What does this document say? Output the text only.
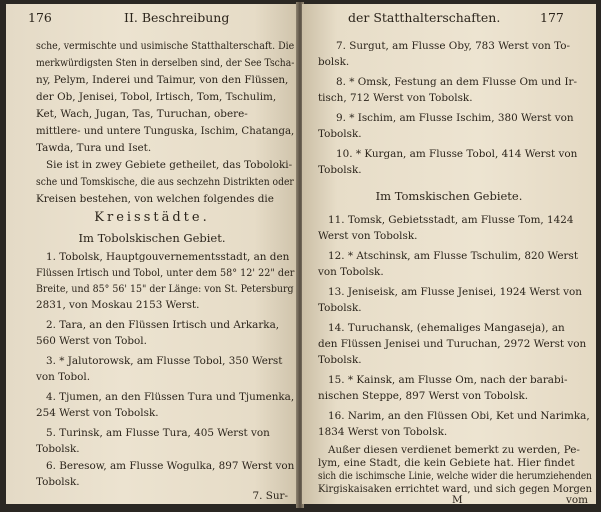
176	II. Beschreibung
sche, vermischte und usimische Statthalterschaft. Die
merkwürdigsten Sten in derselben sind, der See Tscha-
ny, Pelym, Inderei und Taimur, von den Flüssen,
der Ob, Jenisei, Tobol, Irtisch, Tom, Tschulim,
Ket, Wach, Jugan, Tas, Turuchan, obere-
mittlere- und untere Tunguska, Ischim, Chatanga,
Tawda, Tura und Iset.
Sie ist in zwey Gebiete getheilet, das Toboloki-
sche und Tomskische, die aus sechzehn Distrikten oder
Kreisen bestehen, von welchen folgendes die
Kreisstädte.
Im Tobolskischen Gebiet.
1. Tobolsk, Hauptgouvernementsstadt, an den
Flüssen Irtisch und Tobol, unter dem 58° 12' 22" der
Breite, und 85° 56' 15" der Länge: von St. Petersburg
2831, von Moskau 2153 Werst.
2. Tara, an den Flüssen Irtisch und Arkarka,
560 Werst von Tobol.
3. * Jalutorowsk, am Flusse Tobol, 350 Werst
von Tobol.
4. Tjumen, an den Flüssen Tura und Tjumenka,
254 Werst von Tobolsk.
5. Turinsk, am Flusse Tura, 405 Werst von
Tobolsk.
6. Beresow, am Flusse Wogulka, 897 Werst von
Tobolsk.
7. Sur-
der Statthalterschaften.	177
7. Surgut, am Flusse Oby, 783 Werst von To-
bolsk.
8. * Omsk, Festung an dem Flusse Om und Ir-
tisch, 712 Werst von Tobolsk.
9. * Ischim, am Flusse Ischim, 380 Werst von
Tobolsk.
10. * Kurgan, am Flusse Tobol, 414 Werst von
Tobolsk.
Im Tomskischen Gebiete.
11. Tomsk, Gebietsstadt, am Flusse Tom, 1424
Werst von Tobolsk.
12. * Atschinsk, am Flusse Tschulim, 820 Werst
von Tobolsk.
13. Jeniseisk, am Flusse Jenisei, 1924 Werst von
Tobolsk.
14. Turuchansk, (ehemaliges Mangaseja), an
den Flüssen Jenisei und Turuchan, 2972 Werst von
Tobolsk.
15. * Kainsk, am Flusse Om, nach der barabi-
nischen Steppe, 897 Werst von Tobolsk.
16. Narim, an den Flüssen Obi, Ket und Narimka,
1834 Werst von Tobolsk.
Außer diesen verdienet bemerkt zu werden, Pe-
lym, eine Stadt, die kein Gebiete hat. Hier findet
sich die ischimsche Linie, welche wider die herumziehenden
Kirgiskaisaken errichtet ward, und sich gegen Morgen
M	vom
